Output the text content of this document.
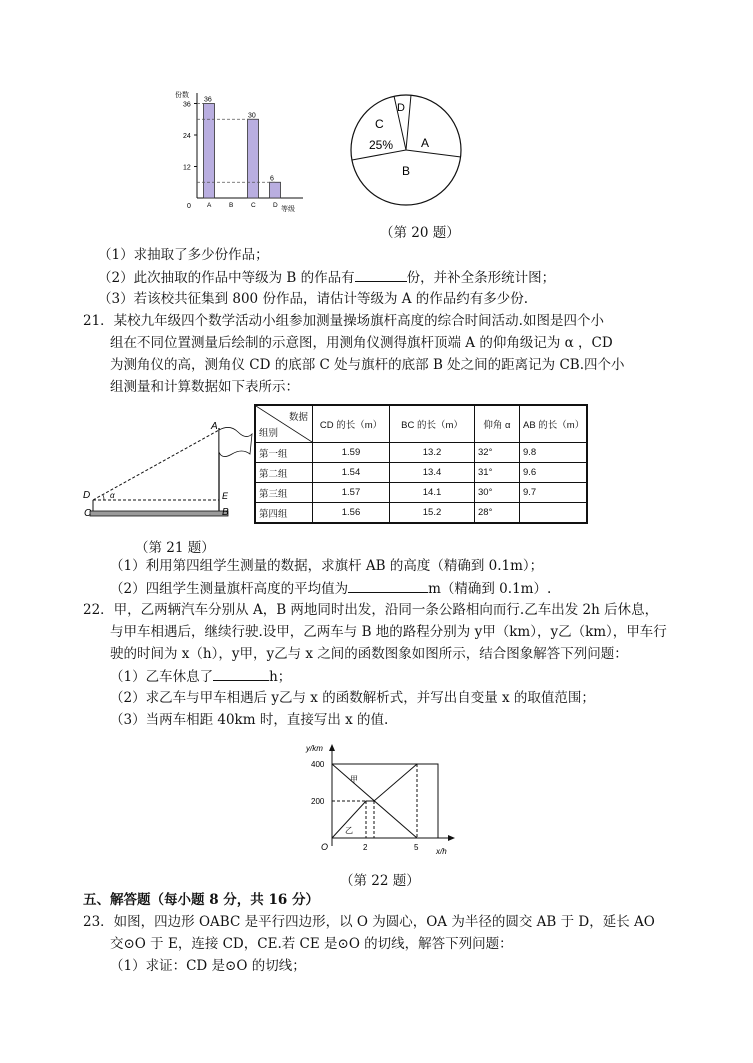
份数
0	等级
36
24
12
36
A	B
30
C
6
D
D
C
25% A
B
（第 20 题）
（1）求抽取了多少份作品；
（2）此次抽取的作品中等级为 B 的作品有	份，并补全条形统计图；
（3）若该校共征集到 800 份作品，请估计等级为 A 的作品约有多少份.
21．某校九年级四个数学活动小组参加测量操场旗杆高度的综合时间活动.如图是四个小
组在不同位置测量后绘制的示意图，用测角仪测得旗杆顶端 A 的仰角级记为 α ，CD
为测角仪的高，测角仪 CD 的底部 C 处与旗杆的底部 B 处之间的距离记为 CB.四个小
组测量和计算数据如下表所示：
α
A
D
C
E
B
数据
组别	CD 的长（m）	BC 的长（m）	仰角 α	AB 的长（m）
第一组	1.59	13.2	32°	9.8
第二组	1.54	13.4	31°	9.6
第三组	1.57	14.1	30°	9.7
第四组	1.56	15.2	28°	
（第 21 题）
（1）利用第四组学生测量的数据，求旗杆 AB 的高度（精确到 0.1m）；
（2）四组学生测量旗杆高度的平均值为	m（精确到 0.1m）.
22．甲，乙两辆汽车分别从 A，B 两地同时出发，沿同一条公路相向而行.乙车出发 2h 后休息，
与甲车相遇后，继续行驶.设甲，乙两车与 B 地的路程分别为 y甲（km），y乙（km），甲车行
驶的时间为 x（h），y甲，y乙与 x 之间的函数图象如图所示，结合图象解答下列问题：
（1）乙车休息了	h；
（2）求乙车与甲车相遇后 y乙与 x 的函数解析式，并写出自变量 x 的取值范围；
（3）当两车相距 40km 时，直接写出 x 的值.
y/km
x/h
400
200
O	2	5
甲
乙
（第 22 题）
五、解答题（每小题 8 分，共 16 分）
23．如图，四边形 OABC 是平行四边形，以 O 为圆心，OA 为半径的圆交 AB 于 D，延长 AO
交⊙O 于 E，连接 CD，CE.若 CE 是⊙O 的切线，解答下列问题：
（1）求证：CD 是⊙O 的切线；
